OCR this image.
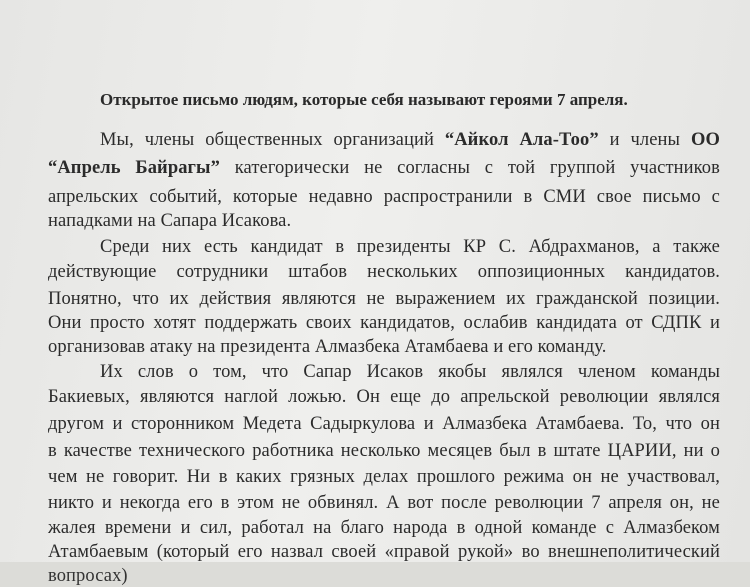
Открытое письмо людям, которые себя называют героями 7 апреля.
Мы, члены общественных организаций “Айкол Ала-Тоо” и члены ОО
“Апрель Байрагы” категорически не согласны с той группой участников
апрельских событий, которые недавно распространили в СМИ свое письмо с
нападками на Сапара Исакова.
Среди них есть кандидат в президенты КР С. Абдрахманов, а также
действующие сотрудники штабов нескольких оппозиционных кандидатов.
Понятно, что их действия являются не выражением их гражданской позиции.
Они просто хотят поддержать своих кандидатов, ослабив кандидата от СДПК и
организовав атаку на президента Алмазбека Атамбаева и его команду.
Их слов о том, что Сапар Исаков якобы являлся членом команды
Бакиевых, являются наглой ложью. Он еще до апрельской революции являлся
другом и сторонником Медета Садыркулова и Алмазбека Атамбаева. То, что он
в качестве технического работника несколько месяцев был в штате ЦАРИИ, ни о
чем не говорит. Ни в каких грязных делах прошлого режима он не участвовал,
никто и некогда его в этом не обвинял. А вот после революции 7 апреля он, не
жалея времени и сил, работал на благо народа в одной команде с Алмазбеком
Атамбаевым (который его назвал своей «правой рукой» во внешнеполитический
вопросах)
